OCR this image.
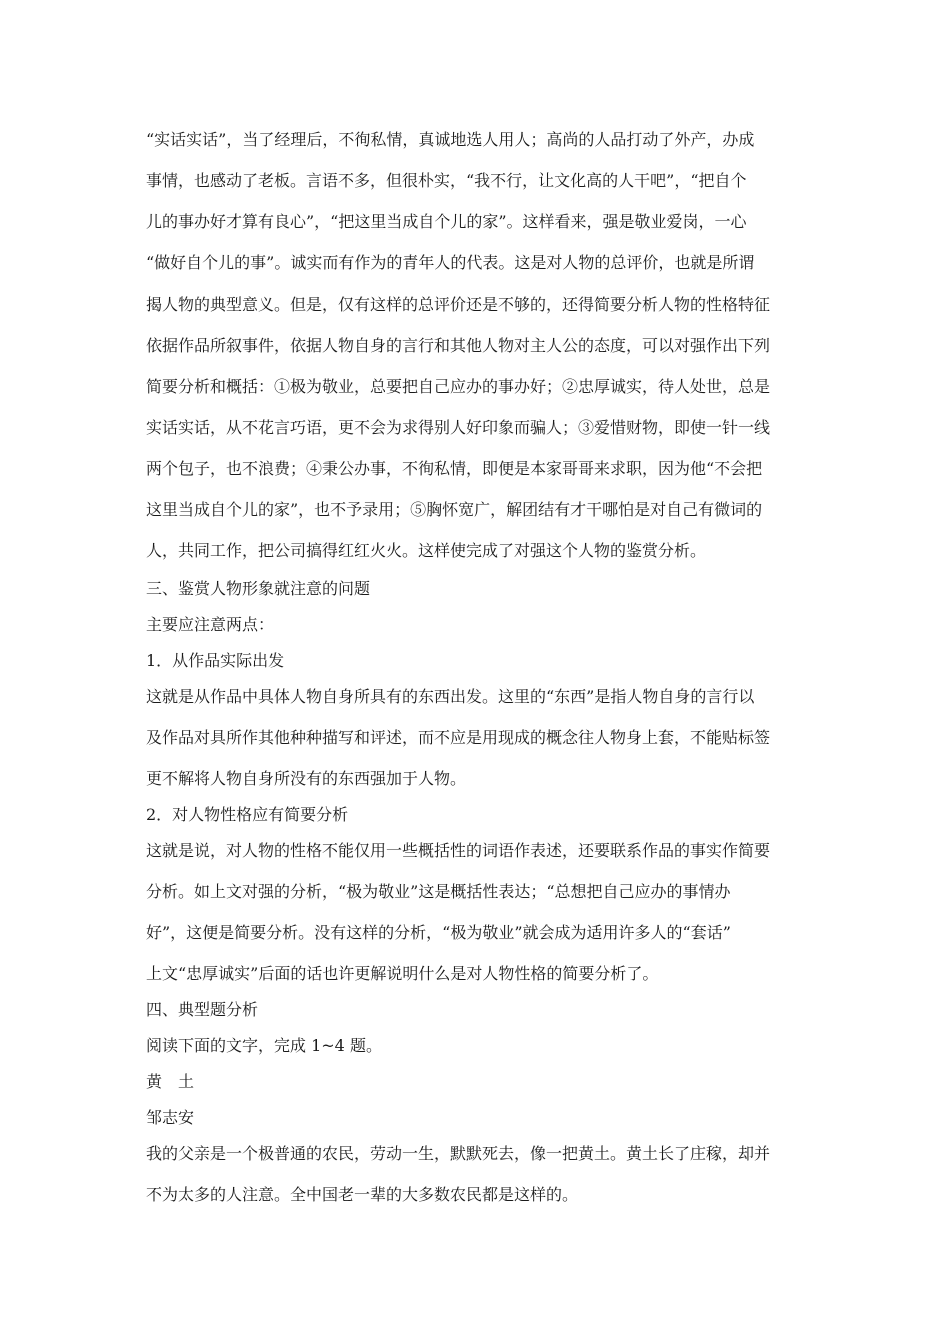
“实话实话”，当了经理后，不徇私情，真诚地选人用人；高尚的人品打动了外产，办成
事情，也感动了老板。言语不多，但很朴实，“我不行，让文化高的人干吧”，“把自个
儿的事办好才算有良心”，“把这里当成自个儿的家”。这样看来，强是敬业爱岗，一心
“做好自个儿的事”。诚实而有作为的青年人的代表。这是对人物的总评价，也就是所谓
揭人物的典型意义。但是，仅有这样的总评价还是不够的，还得简要分析人物的性格特征
依据作品所叙事件，依据人物自身的言行和其他人物对主人公的态度，可以对强作出下列
简要分析和概括：①极为敬业，总要把自己应办的事办好；②忠厚诚实，待人处世，总是
实话实话，从不花言巧语，更不会为求得别人好印象而骗人；③爱惜财物，即使一针一线
两个包子，也不浪费；④秉公办事，不徇私情，即便是本家哥哥来求职，因为他“不会把
这里当成自个儿的家”，也不予录用；⑤胸怀宽广，解团结有才干哪怕是对自己有微词的
人，共同工作，把公司搞得红红火火。这样使完成了对强这个人物的鉴赏分析。
三、鉴赏人物形象就注意的问题
主要应注意两点：
1．从作品实际出发
这就是从作品中具体人物自身所具有的东西出发。这里的“东西”是指人物自身的言行以
及作品对具所作其他种种描写和评述，而不应是用现成的概念往人物身上套，不能贴标签
更不解将人物自身所没有的东西强加于人物。
2．对人物性格应有简要分析
这就是说，对人物的性格不能仅用一些概括性的词语作表述，还要联系作品的事实作简要
分析。如上文对强的分析，“极为敬业”这是概括性表达；“总想把自己应办的事情办
好”，这便是简要分析。没有这样的分析，“极为敬业”就会成为适用许多人的“套话”
上文“忠厚诚实”后面的话也许更解说明什么是对人物性格的简要分析了。
四、典型题分析
阅读下面的文字，完成 1~4 题。
黄　土
邹志安
我的父亲是一个极普通的农民，劳动一生，默默死去，像一把黄土。黄土长了庄稼，却并
不为太多的人注意。全中国老一辈的大多数农民都是这样的。
